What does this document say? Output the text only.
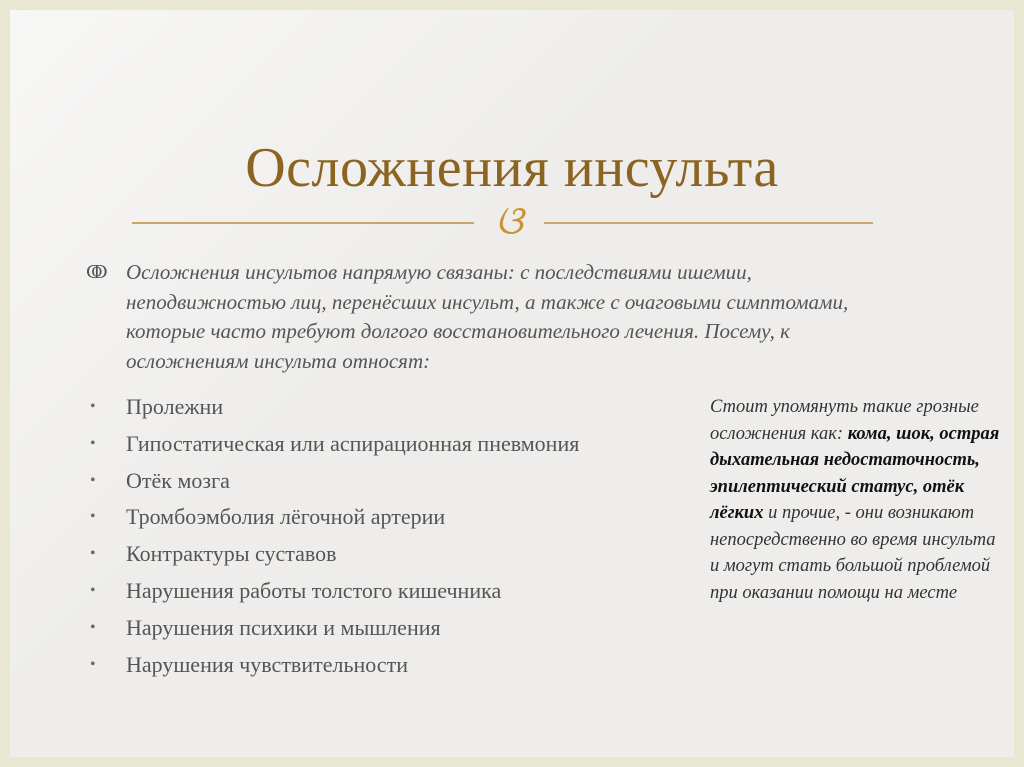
Осложнения инсульта
ଓ
ↂ Осложнения инсультов напрямую связаны: с последствиями ишемии, неподвижностью лиц, перенёсших инсульт, а также с очаговыми симптомами, которые часто требуют долгого восстановительного лечения. Посему, к осложнениям инсульта относят:
• Пролежни
• Гипостатическая или аспирационная пневмония
• Отёк мозга
• Тромбоэмболия лёгочной артерии
• Контрактуры суставов
• Нарушения работы толстого кишечника
• Нарушения психики и мышления
• Нарушения чувствительности
Стоит упомянуть такие грозные осложнения как: кома, шок, острая дыхательная недостаточность, эпилептический статус, отёк лёгких и прочие, - они возникают непосредственно во время инсульта и могут стать большой проблемой при оказании помощи на месте
